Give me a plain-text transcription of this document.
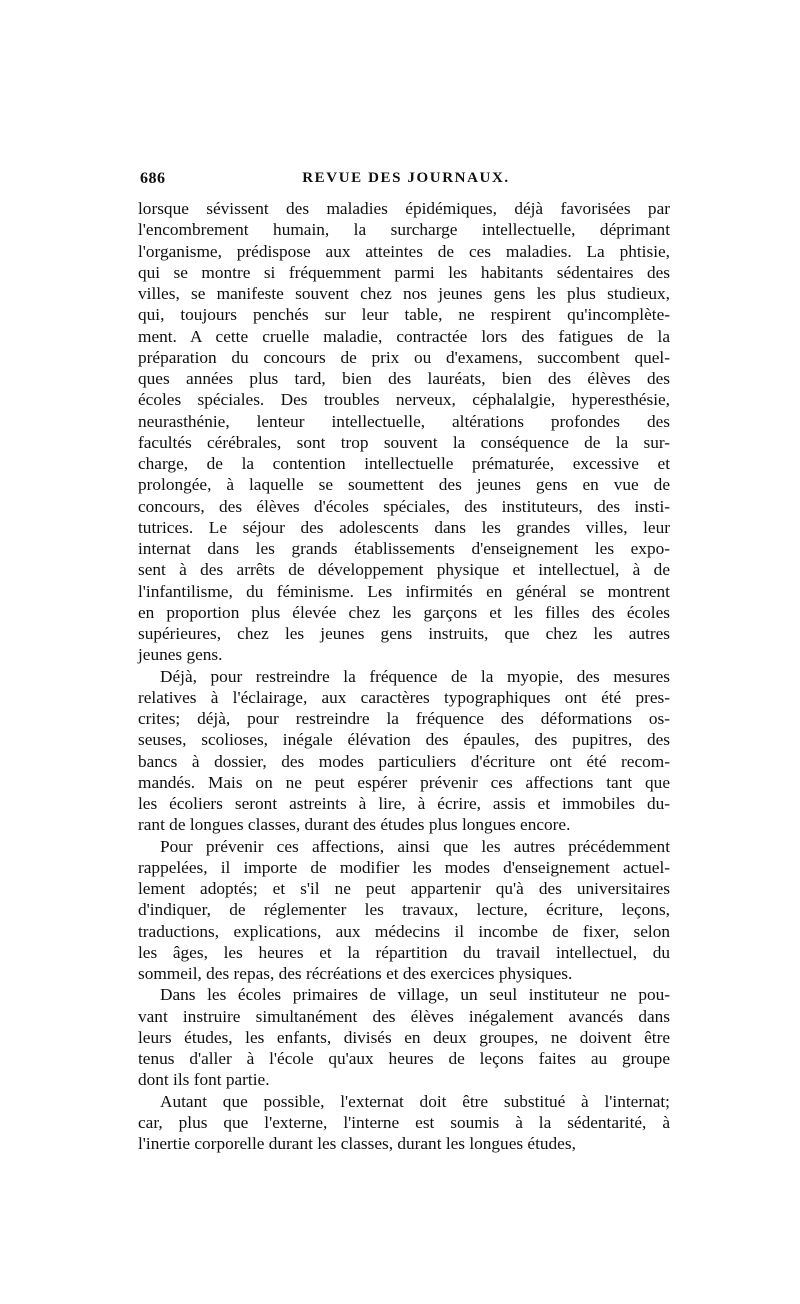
686	REVUE DES JOURNAUX.
lorsque sévissent des maladies épidémiques, déjà favorisées par
l'encombrement humain, la surcharge intellectuelle, déprimant
l'organisme, prédispose aux atteintes de ces maladies. La phtisie,
qui se montre si fréquemment parmi les habitants sédentaires des
villes, se manifeste souvent chez nos jeunes gens les plus studieux,
qui, toujours penchés sur leur table, ne respirent qu'incomplète-
ment. A cette cruelle maladie, contractée lors des fatigues de la
préparation du concours de prix ou d'examens, succombent quel-
ques années plus tard, bien des lauréats, bien des élèves des
écoles spéciales. Des troubles nerveux, céphalalgie, hyperesthésie,
neurasthénie, lenteur intellectuelle, altérations profondes des
facultés cérébrales, sont trop souvent la conséquence de la sur-
charge, de la contention intellectuelle prématurée, excessive et
prolongée, à laquelle se soumettent des jeunes gens en vue de
concours, des élèves d'écoles spéciales, des instituteurs, des insti-
tutrices. Le séjour des adolescents dans les grandes villes, leur
internat dans les grands établissements d'enseignement les expo-
sent à des arrêts de développement physique et intellectuel, à de
l'infantilisme, du féminisme. Les infirmités en général se montrent
en proportion plus élevée chez les garçons et les filles des écoles
supérieures, chez les jeunes gens instruits, que chez les autres
jeunes gens.
Déjà, pour restreindre la fréquence de la myopie, des mesures
relatives à l'éclairage, aux caractères typographiques ont été pres-
crites; déjà, pour restreindre la fréquence des déformations os-
seuses, scolioses, inégale élévation des épaules, des pupitres, des
bancs à dossier, des modes particuliers d'écriture ont été recom-
mandés. Mais on ne peut espérer prévenir ces affections tant que
les écoliers seront astreints à lire, à écrire, assis et immobiles du-
rant de longues classes, durant des études plus longues encore.
Pour prévenir ces affections, ainsi que les autres précédemment
rappelées, il importe de modifier les modes d'enseignement actuel-
lement adoptés; et s'il ne peut appartenir qu'à des universitaires
d'indiquer, de réglementer les travaux, lecture, écriture, leçons,
traductions, explications, aux médecins il incombe de fixer, selon
les âges, les heures et la répartition du travail intellectuel, du
sommeil, des repas, des récréations et des exercices physiques.
Dans les écoles primaires de village, un seul instituteur ne pou-
vant instruire simultanément des élèves inégalement avancés dans
leurs études, les enfants, divisés en deux groupes, ne doivent être
tenus d'aller à l'école qu'aux heures de leçons faites au groupe
dont ils font partie.
Autant que possible, l'externat doit être substitué à l'internat;
car, plus que l'externe, l'interne est soumis à la sédentarité, à
l'inertie corporelle durant les classes, durant les longues études,
